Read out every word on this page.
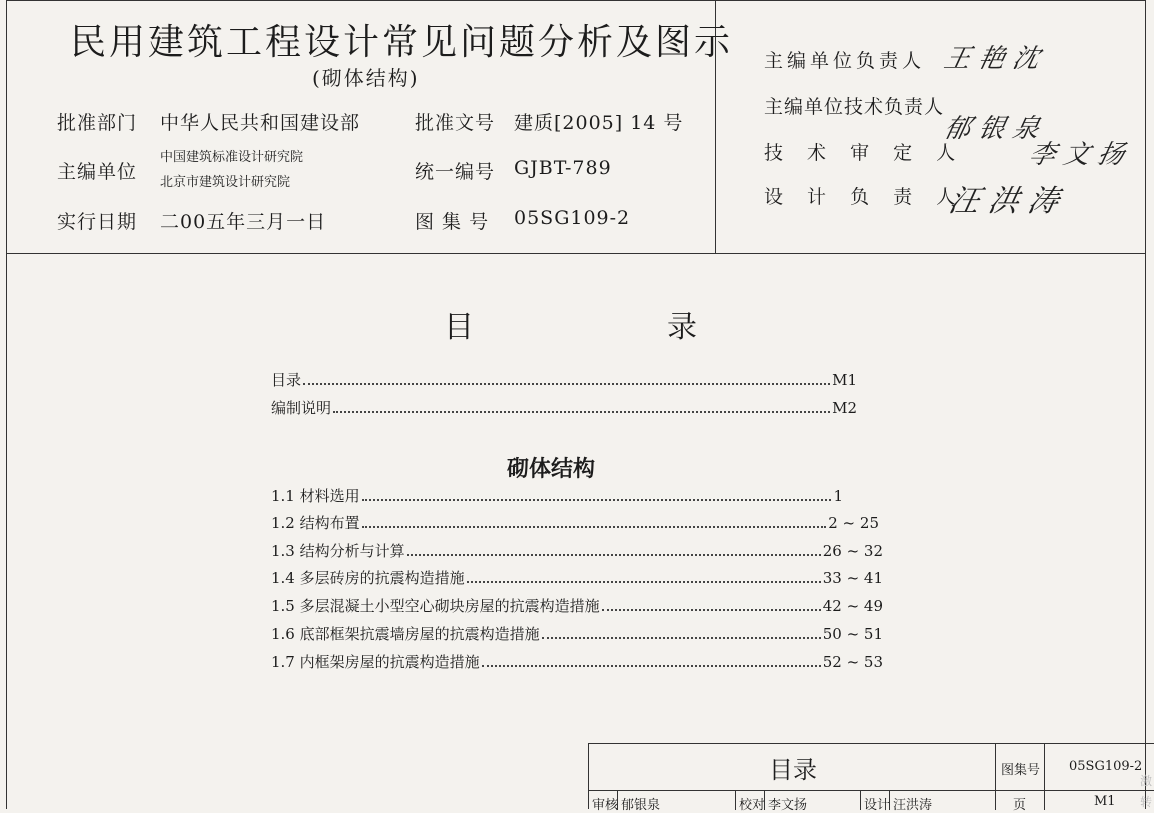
民用建筑工程设计常见问题分析及图示
(砌体结构)
批准部门 中华人民共和国建设部	批准文号 建质[2005] 14 号
主编单位
中国建筑标准设计研究院
北京市建筑设计研究院	统一编号 GJBT-789
实行日期 二00五年三月一日	图 集 号 05SG109-2
主编单位负责人 王 艳 沈
主编单位技术负责人
郁 银 泉
技 术 审 定 人 李 文 扬
设 计 负 责 人
汪 洪 涛
目	录
目录	M1
编制说明	M2
砌体结构
1.1 材料选用	1
1.2 结构布置	2 ~ 25
1.3 结构分析与计算	26 ~ 32
1.4 多层砖房的抗震构造措施	33 ~ 41
1.5 多层混凝土小型空心砌块房屋的抗震构造措施	42 ~ 49
1.6 底部框架抗震墙房屋的抗震构造措施	50 ~ 51
1.7 内框架房屋的抗震构造措施	52 ~ 53
目录	图集号 05SG109-2
审核 郁银泉	校对 李文扬	设计 汪洪涛	页	M1
激
转
